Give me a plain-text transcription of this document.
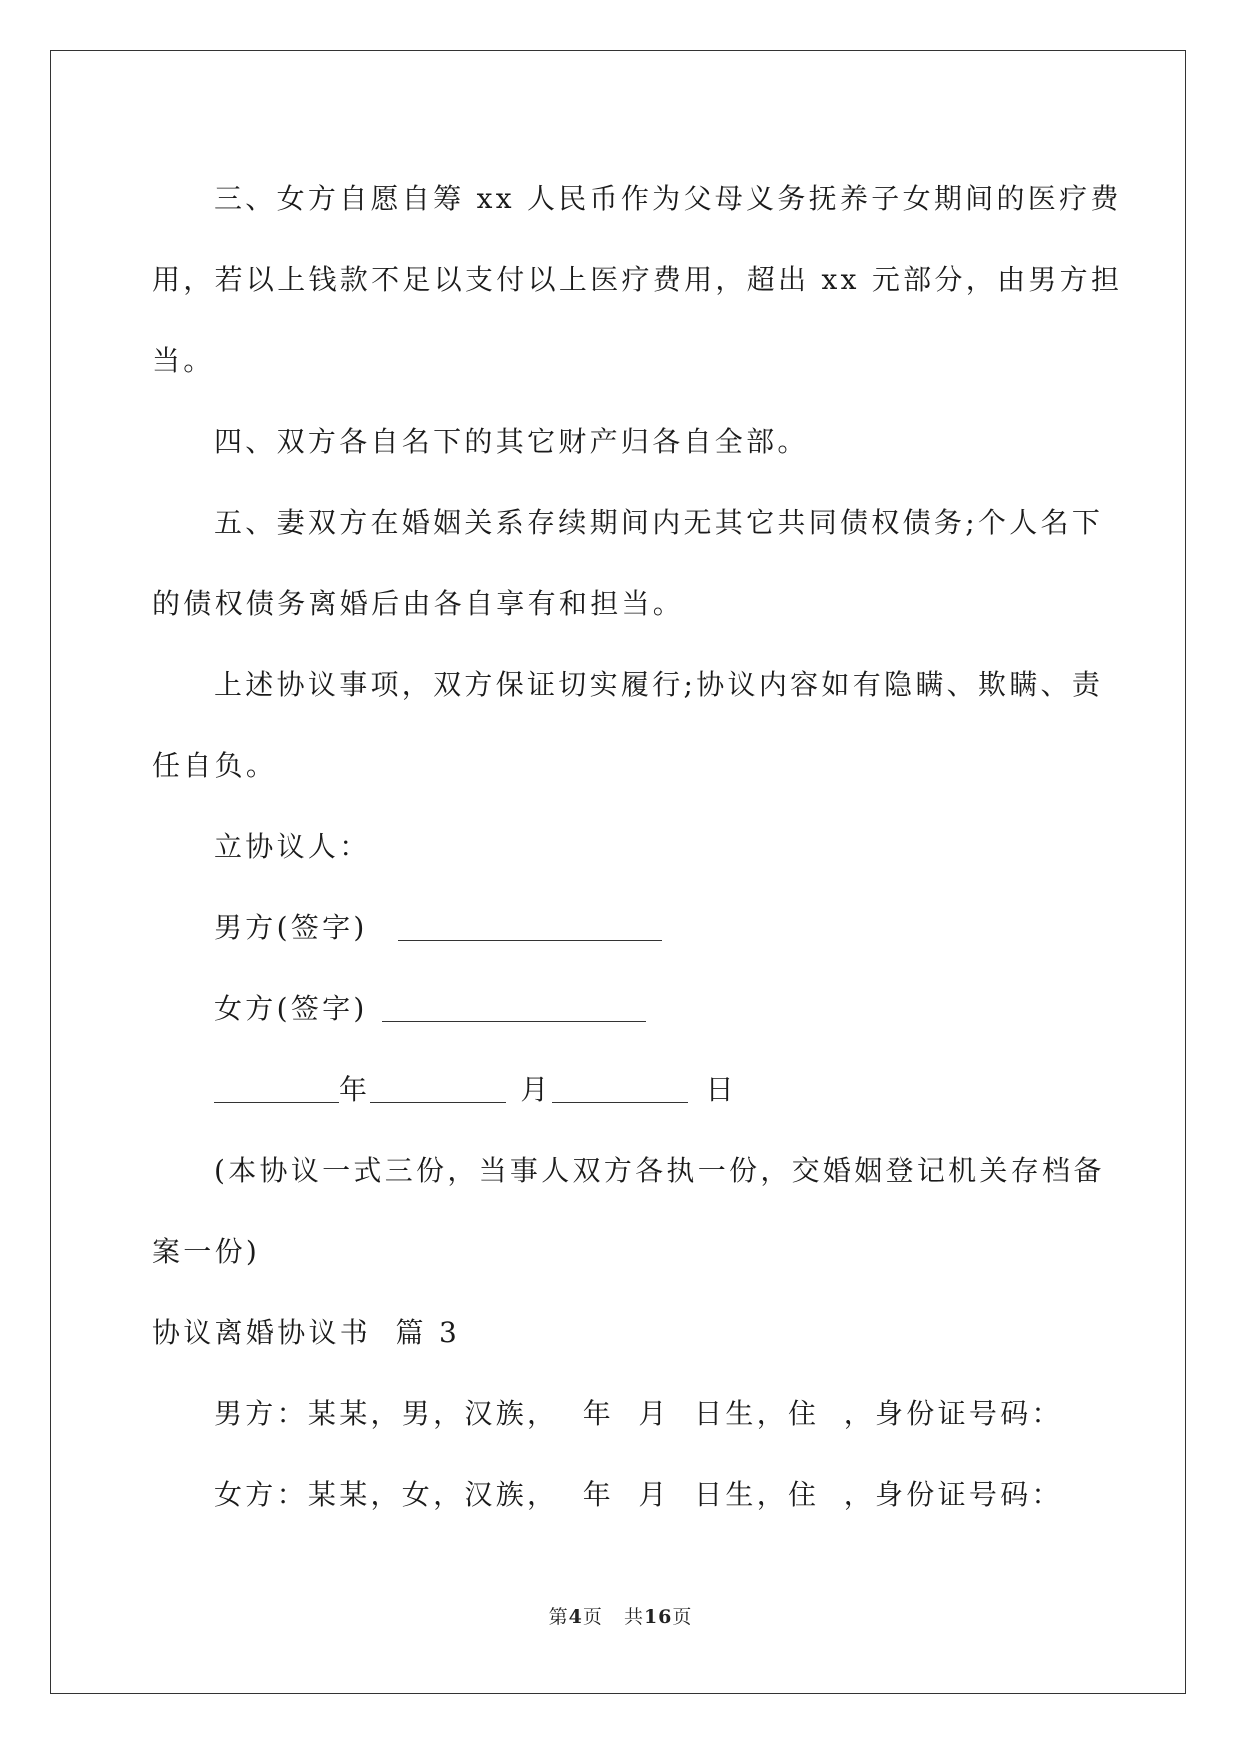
三、女方自愿自筹 xx 人民币作为父母义务抚养子女期间的医疗费

用，若以上钱款不足以支付以上医疗费用，超出 xx 元部分，由男方担

当。

四、双方各自名下的其它财产归各自全部。

五、妻双方在婚姻关系存续期间内无其它共同债权债务;个人名下

的债权债务离婚后由各自享有和担当。

上述协议事项，双方保证切实履行;协议内容如有隐瞒、欺瞒、责

任自负。

立协议人：

男方(签字)

女方(签字)

年	月	日

(本协议一式三份，当事人双方各执一份，交婚姻登记机关存档备

案一份)

协议离婚协议书  篇 3

男方：某某，男，汉族，  年  月  日生，住  ，身份证号码：

女方：某某，女，汉族，  年  月  日生，住  ，身份证号码：

第4页   共16页
